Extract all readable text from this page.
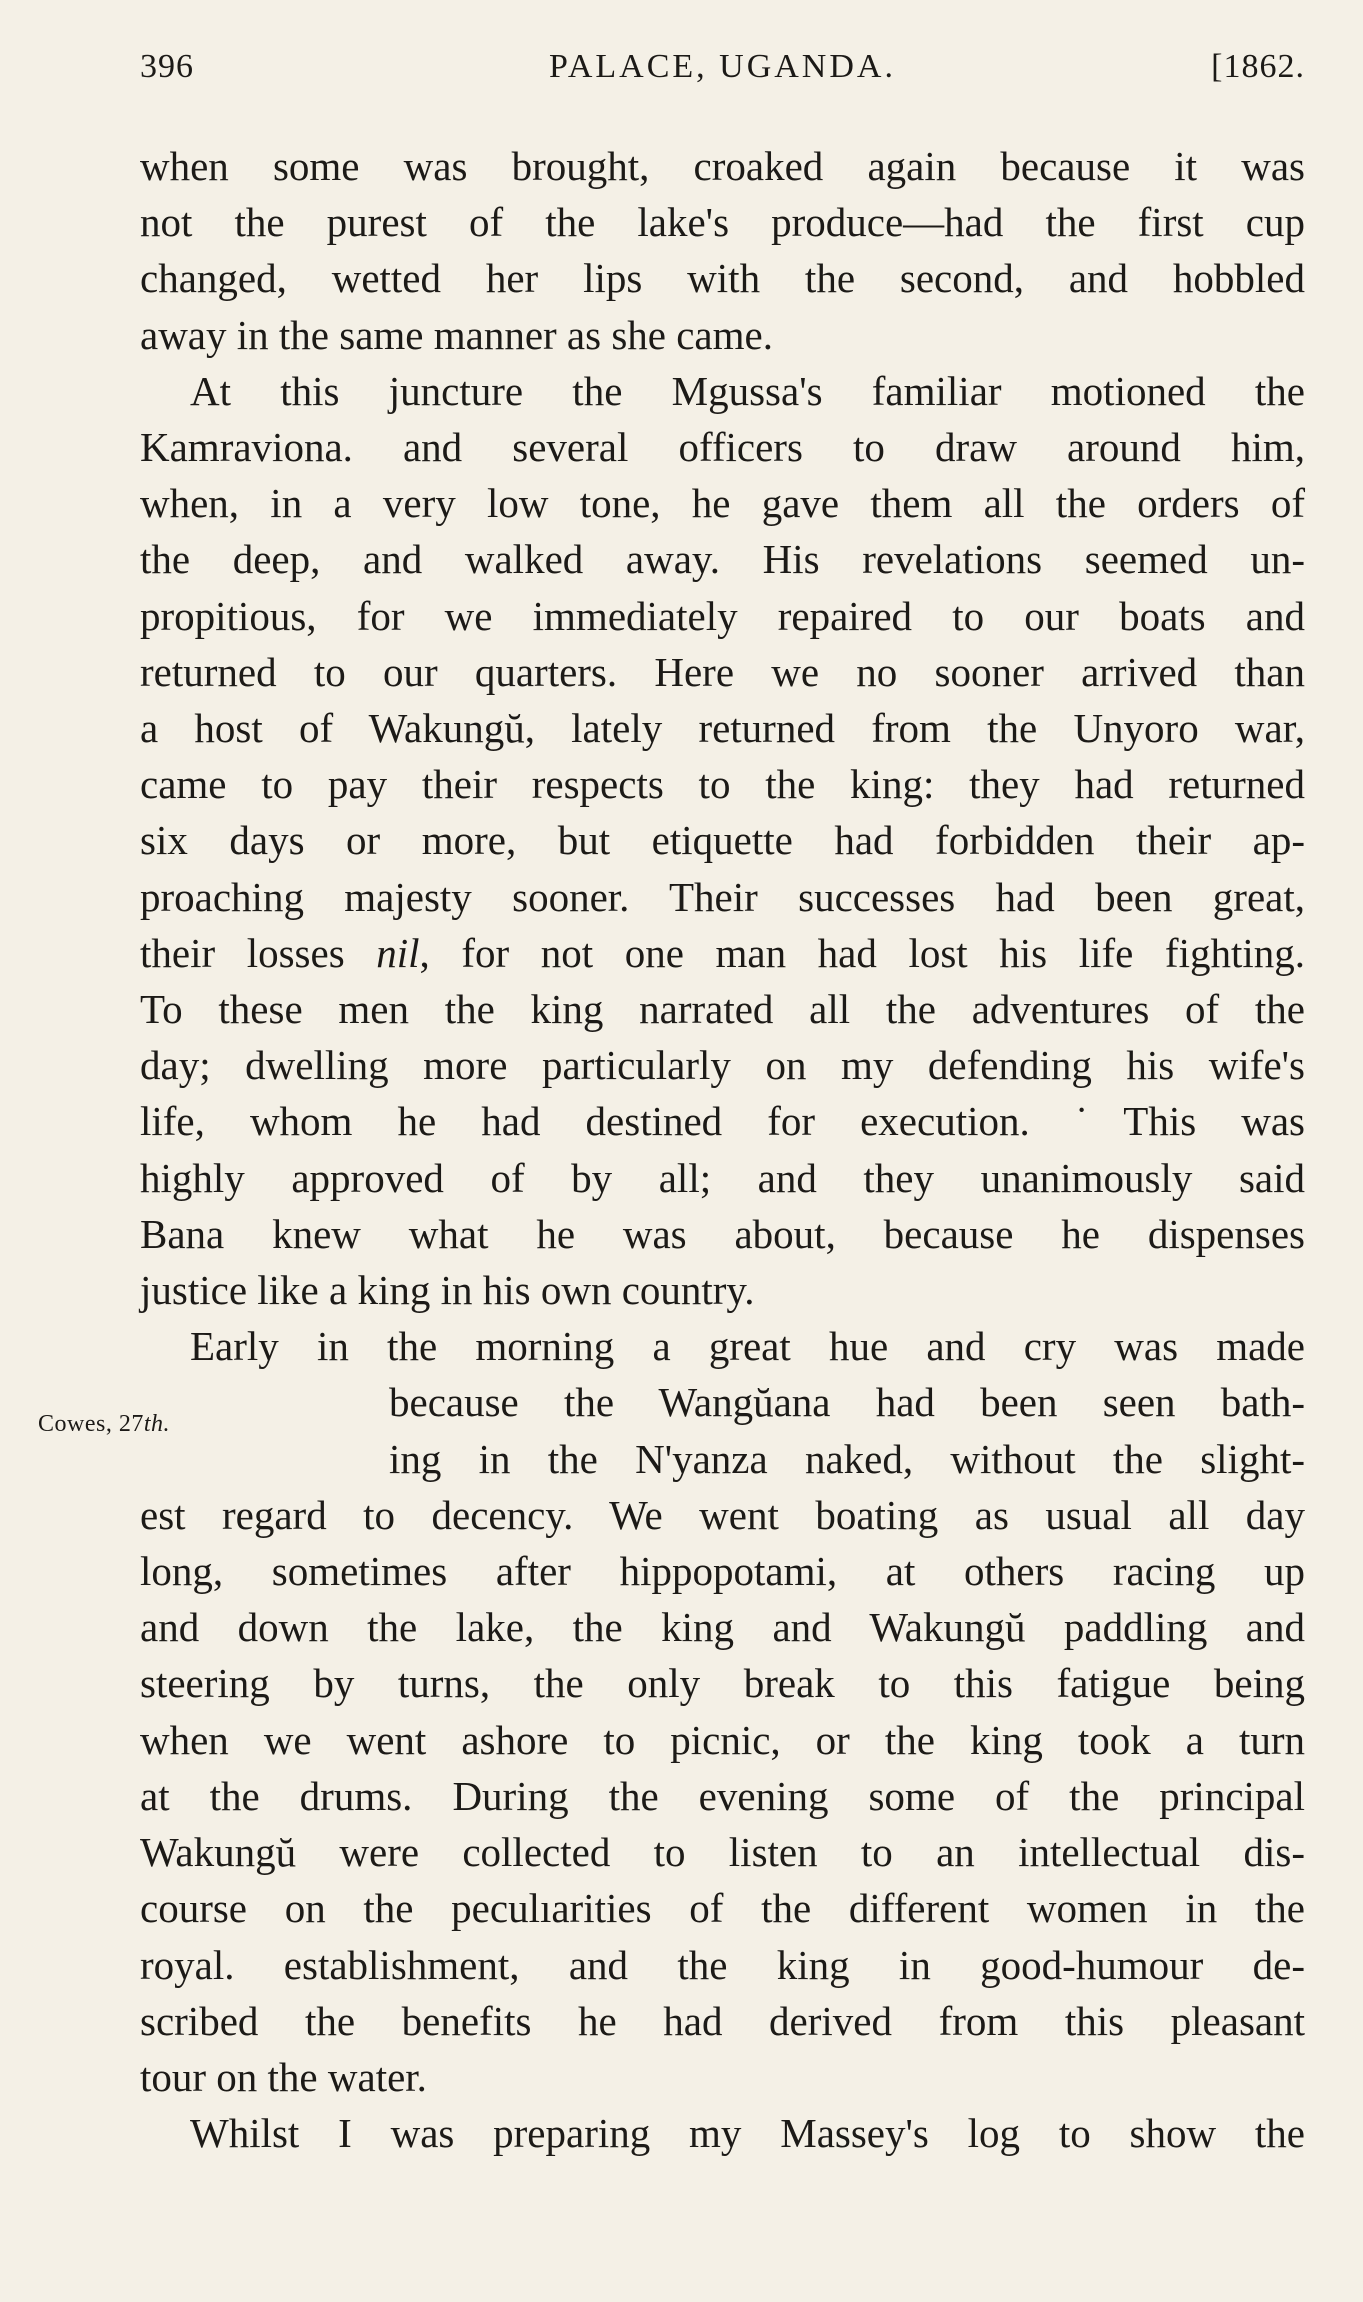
396	PALACE, UGANDA.	[1862.

when some was brought, croaked again because it was
not the purest of the lake's produce—had the first cup
changed, wetted her lips with the second, and hobbled
away in the same manner as she came.

At this juncture the Mgussa's familiar motioned the
Kamraviona. and several officers to draw around him,
when, in a very low tone, he gave them all the orders of
the deep, and walked away. His revelations seemed un-
propitious, for we immediately repaired to our boats and
returned to our quarters. Here we no sooner arrived than
a host of Wakungŭ, lately returned from the Unyoro war,
came to pay their respects to the king: they had returned
six days or more, but etiquette had forbidden their ap-
proaching majesty sooner. Their successes had been great,
their losses nil, for not one man had lost his life fighting.
To these men the king narrated all the adventures of the
day; dwelling more particularly on my defending his wife's
life, whom he had destined for execution. ˙This was
highly approved of by all; and they unanimously said
Bana knew what he was about, because he dispenses
justice like a king in his own country.

Early in the morning a great hue and cry was made
Cowes, 27th.	because the Wangŭana had been seen bath-
ing in the N'yanza naked, without the slight-
est regard to decency. We went boating as usual all day
long, sometimes after hippopotami, at others racing up
and down the lake, the king and Wakungŭ paddling and
steering by turns, the only break to this fatigue being
when we went ashore to picnic, or the king took a turn
at the drums. During the evening some of the principal
Wakungŭ were collected to listen to an intellectual dis-
course on the peculıarities of the different women in the
royal. establishment, and the king in good-humour de-
scribed the benefits he had derived from this pleasant
tour on the water.

Whilst I was preparing my Massey's log to show the
